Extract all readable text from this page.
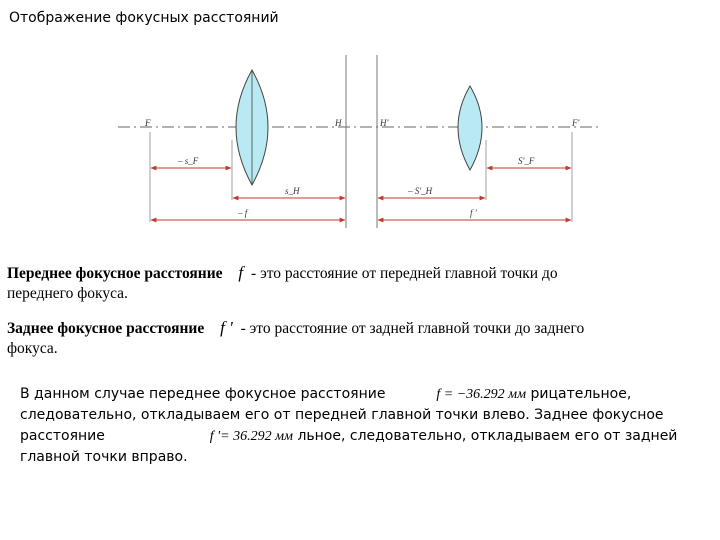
Отображение фокусных расстояний
F	H	H'	F'
– s_F
s_H
– f
– S'_H
S'_F
f '
Переднее фокусное расстояние f - это расстояние от передней главной точки до
переднего фокуса.
Заднее фокусное расстояние f ' - это расстояние от задней главной точки до заднего
фокуса.
В данном случае переднее фокусное расстояние	f = −36.292 мм рицательное,
следовательно, откладываем его от передней главной точки влево. Заднее фокусное
расстояние	f '= 36.292 мм льное, следовательно, откладываем его от задней
главной точки вправо.
